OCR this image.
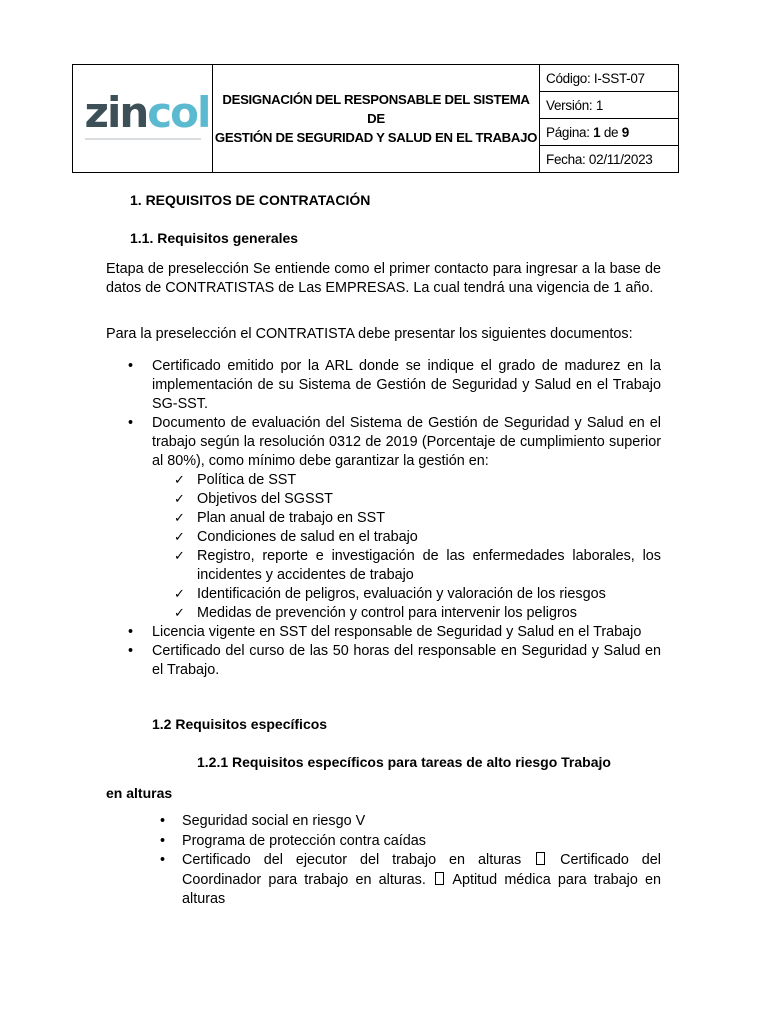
zincol	DESIGNACIÓN DEL RESPONSABLE DEL SISTEMA DE
GESTIÓN DE SEGURIDAD Y SALUD EN EL TRABAJO
	Código: I-SST-07
Versión: 1
Página: 1 de 9
Fecha: 02/11/2023
1. REQUISITOS DE CONTRATACIÓN
1.1. Requisitos generales
Etapa de preselección Se entiende como el primer contacto para ingresar a la base de datos de CONTRATISTAS de Las EMPRESAS. La cual tendrá una vigencia de 1 año.
Para la preselección el CONTRATISTA debe presentar los siguientes documentos:
• Certificado emitido por la ARL donde se indique el grado de madurez en la implementación de su Sistema de Gestión de Seguridad y Salud en el Trabajo SG-SST.
• Documento de evaluación del Sistema de Gestión de Seguridad y Salud en el trabajo según la resolución 0312 de 2019 (Porcentaje de cumplimiento superior al 80%), como mínimo debe garantizar la gestión en:
✓ Política de SST
✓ Objetivos del SGSST
✓ Plan anual de trabajo en SST
✓ Condiciones de salud en el trabajo
✓ Registro, reporte e investigación de las enfermedades laborales, los incidentes y accidentes de trabajo
✓ Identificación de peligros, evaluación y valoración de los riesgos
✓ Medidas de prevención y control para intervenir los peligros
• Licencia vigente en SST del responsable de Seguridad y Salud en el Trabajo
• Certificado del curso de las 50 horas del responsable en Seguridad y Salud en el Trabajo.
1.2 Requisitos específicos
1.2.1 Requisitos específicos para tareas de alto riesgo Trabajo
en alturas
• Seguridad social en riesgo V
• Programa de protección contra caídas
• Certificado del ejecutor del trabajo en alturas	Certificado del Coordinador para trabajo en alturas. Aptitud médica para trabajo en alturas
